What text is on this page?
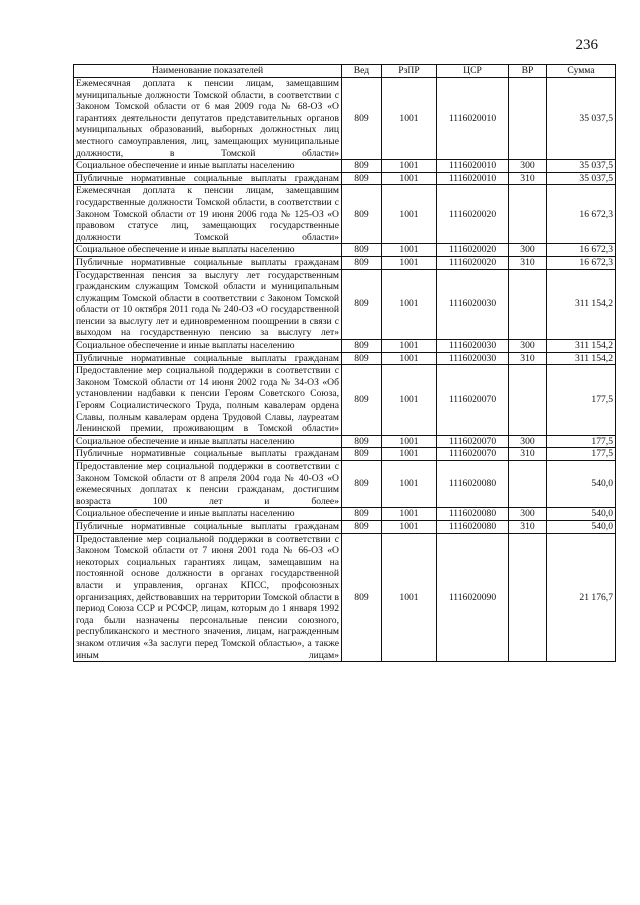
236
Наименование показателей	Вед	РзПР	ЦСР	ВР	Сумма
Ежемесячная доплата к пенсии лицам, замещавшим муниципальные должности Томской области, в соответствии с Законом Томской области от 6 мая 2009 года № 68-ОЗ «О гарантиях деятельности депутатов представительных органов муниципальных образований, выборных должностных лиц местного самоуправления, лиц, замещающих муниципальные должности, в Томской области»	809	1001	1116020010		35 037,5
Социальное обеспечение и иные выплаты населению	809	1001	1116020010	300	35 037,5
Публичные нормативные социальные выплаты гражданам	809	1001	1116020010	310	35 037,5
Ежемесячная доплата к пенсии лицам, замещавшим государственные должности Томской области, в соответствии с Законом Томской области от 19 июня 2006 года № 125-ОЗ «О правовом статусе лиц, замещающих государственные должности Томской области»	809	1001	1116020020		16 672,3
Социальное обеспечение и иные выплаты населению	809	1001	1116020020	300	16 672,3
Публичные нормативные социальные выплаты гражданам	809	1001	1116020020	310	16 672,3
Государственная пенсия за выслугу лет государственным гражданским служащим Томской области и муниципальным служащим Томской области в соответствии с Законом Томской области от 10 октября 2011 года № 240-ОЗ «О государственной пенсии за выслугу лет и единовременном поощрении в связи с выходом на государственную пенсию за выслугу лет»	809	1001	1116020030		311 154,2
Социальное обеспечение и иные выплаты населению	809	1001	1116020030	300	311 154,2
Публичные нормативные социальные выплаты гражданам	809	1001	1116020030	310	311 154,2
Предоставление мер социальной поддержки в соответствии с Законом Томской области от 14 июня 2002 года № 34-ОЗ «Об установлении надбавки к пенсии Героям Советского Союза, Героям Социалистического Труда, полным кавалерам ордена Славы, полным кавалерам ордена Трудовой Славы, лауреатам Ленинской премии, проживающим в Томской области»	809	1001	1116020070		177,5
Социальное обеспечение и иные выплаты населению	809	1001	1116020070	300	177,5
Публичные нормативные социальные выплаты гражданам	809	1001	1116020070	310	177,5
Предоставление мер социальной поддержки в соответствии с Законом Томской области от 8 апреля 2004 года № 40-ОЗ «О ежемесячных доплатах к пенсии гражданам, достигшим возраста 100 лет и более»	809	1001	1116020080		540,0
Социальное обеспечение и иные выплаты населению	809	1001	1116020080	300	540,0
Публичные нормативные социальные выплаты гражданам	809	1001	1116020080	310	540,0
Предоставление мер социальной поддержки в соответствии с Законом Томской области от 7 июня 2001 года № 66-ОЗ «О некоторых социальных гарантиях лицам, замещавшим на постоянной основе должности в органах государственной власти и управления, органах КПСС, профсоюзных организациях, действовавших на территории Томской области в период Союза ССР и РСФСР, лицам, которым до 1 января 1992 года были назначены персональные пенсии союзного, республиканского и местного значения, лицам, награжденным знаком отличия «За заслуги перед Томской областью», а также иным лицам»	809	1001	1116020090		21 176,7
